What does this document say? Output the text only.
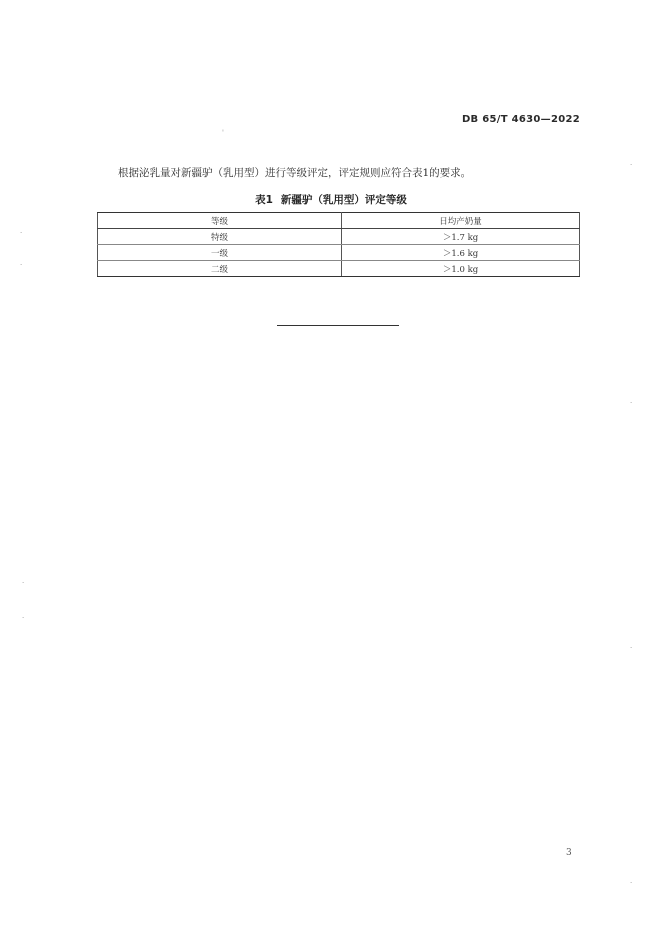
DB 65/T 4630—2022
根据泌乳量对新疆驴（乳用型）进行等级评定，评定规则应符合表1的要求。
表1 新疆驴（乳用型）评定等级
等级	日均产奶量
特级	＞1.7 kg
一级	＞1.6 kg
二级	＞1.0 kg
3
'
·
·
·
·
·
·
·
·
